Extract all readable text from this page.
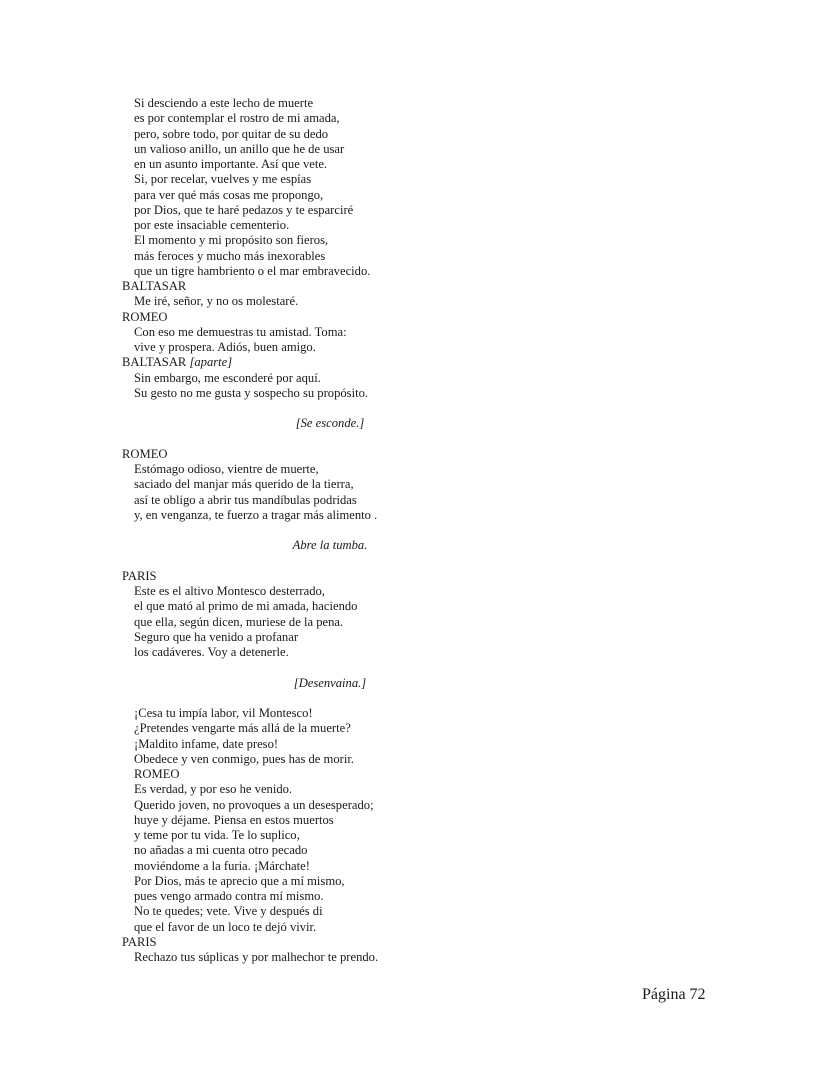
Si desciendo a este lecho de muerte
es por contemplar el rostro de mi amada,
pero, sobre todo, por quitar de su dedo
un valioso anillo, un anillo que he de usar
en un asunto importante. Así que vete.
Si, por recelar, vuelves y me espías
para ver qué más cosas me propongo,
por Dios, que te haré pedazos y te esparciré
por este insaciable cementerio.
El momento y mi propósito son fieros,
más feroces y mucho más inexorables
que un tigre hambriento o el mar embravecido.
BALTASAR
Me iré, señor, y no os molestaré.
ROMEO
Con eso me demuestras tu amistad. Toma:
vive y prospera. Adiós, buen amigo.
BALTASAR [aparte]
Sin embargo, me esconderé por aquí.
Su gesto no me gusta y sospecho su propósito.
[Se esconde.]
ROMEO
Estómago odioso, vientre de muerte,
saciado del manjar más querido de la tierra,
así te obligo a abrir tus mandíbulas podridas
y, en venganza, te fuerzo a tragar más alimento .
Abre la tumba.
PARIS
Este es el altivo Montesco desterrado,
el que mató al primo de mi amada, haciendo
que ella, según dicen, muriese de la pena.
Seguro que ha venido a profanar
los cadáveres. Voy a detenerle.
[Desenvaina.]
¡Cesa tu impía labor, vil Montesco!
¿Pretendes vengarte más allá de la muerte?
¡Maldito infame, date preso!
Obedece y ven conmigo, pues has de morir.
ROMEO
Es verdad, y por eso he venido.
Querido joven, no provoques a un desesperado;
huye y déjame. Piensa en estos muertos
y teme por tu vida. Te lo suplico,
no añadas a mi cuenta otro pecado
moviéndome a la furia. ¡Márchate!
Por Dios, más te aprecio que a mí mismo,
pues vengo armado contra mí mismo.
No te quedes; vete. Vive y después di
que el favor de un loco te dejó vivir.
PARIS
Rechazo tus súplicas y por malhechor te prendo.
Página 72
